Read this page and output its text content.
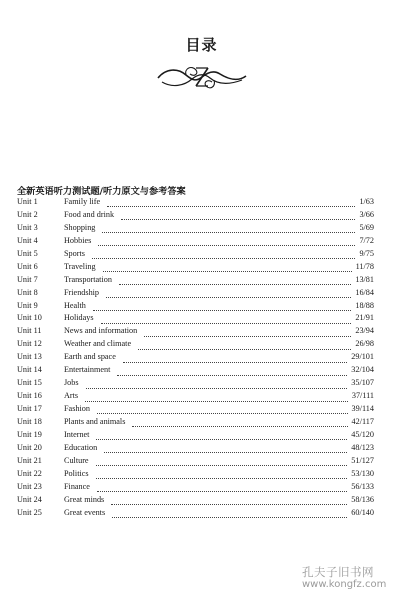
目录
全新英语听力测试题/听力原文与参考答案
Unit 1	Family life	1/63
Unit 2	Food and drink	3/66
Unit 3	Shopping	5/69
Unit 4	Hobbies	7/72
Unit 5	Sports	9/75
Unit 6	Traveling	11/78
Unit 7	Transportation	13/81
Unit 8	Friendship	16/84
Unit 9	Health	18/88
Unit 10	Holidays	21/91
Unit 11	News and information	23/94
Unit 12	Weather and climate	26/98
Unit 13	Earth and space	29/101
Unit 14	Entertainment	32/104
Unit 15	Jobs	35/107
Unit 16	Arts	37/111
Unit 17	Fashion	39/114
Unit 18	Plants and animals	42/117
Unit 19	Internet	45/120
Unit 20	Education	48/123
Unit 21	Culture	51/127
Unit 22	Politics	53/130
Unit 23	Finance	56/133
Unit 24	Great minds	58/136
Unit 25	Great events	60/140
孔夫子旧书网
www.kongfz.com
